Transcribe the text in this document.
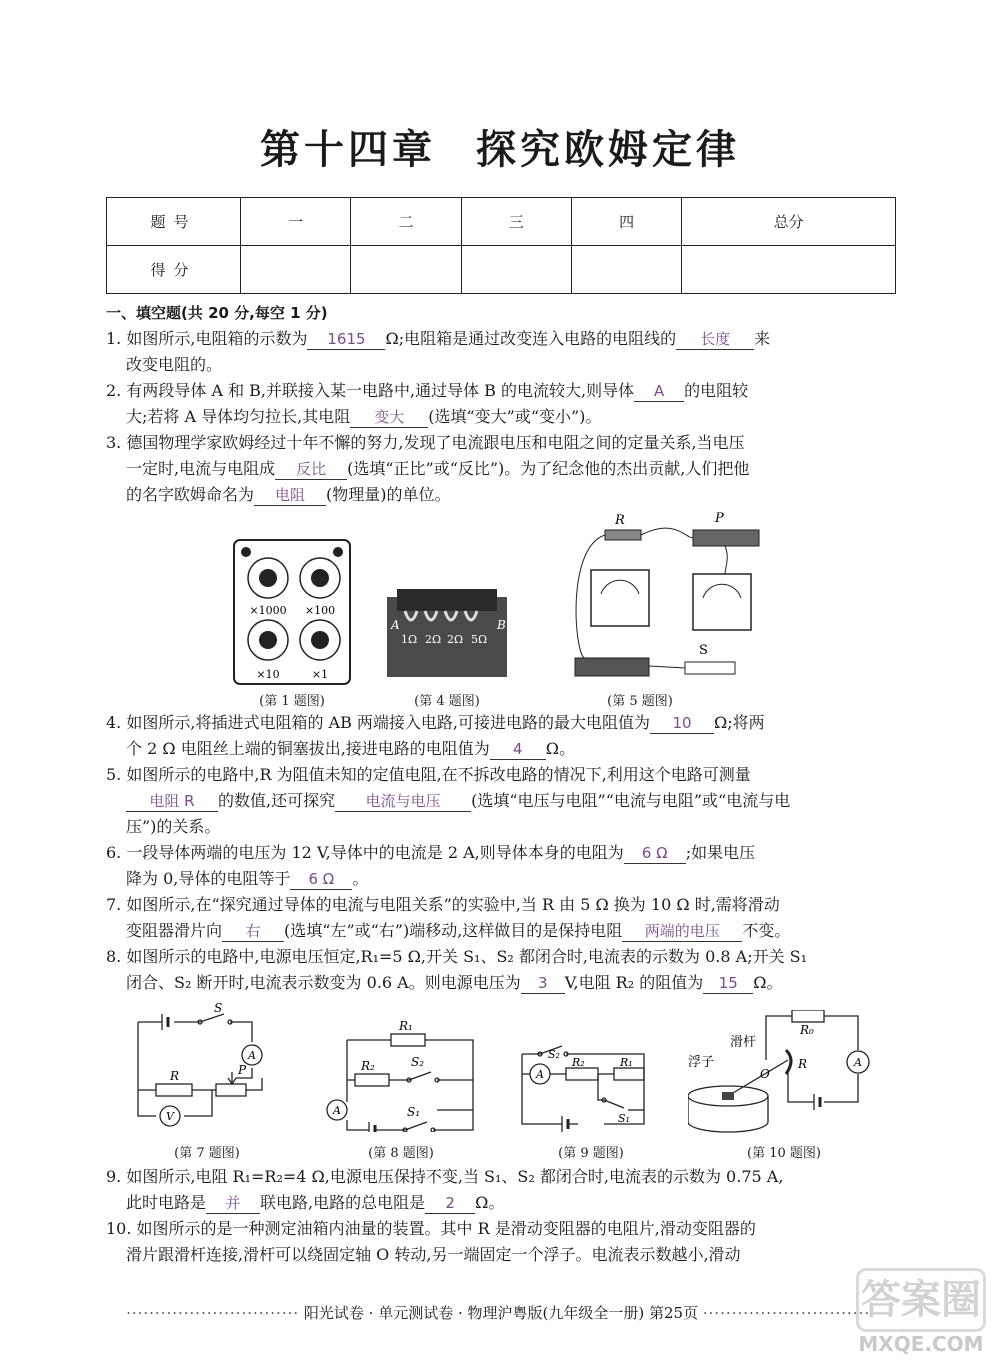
第十四章 探究欧姆定律
题号	一	二	三	四	总分
得分					
一、填空题(共 20 分,每空 1 分)
1. 如图所示,电阻箱的示数为 1615 Ω;电阻箱是通过改变连入电路的电阻线的 长度 来
改变电阻的。
2. 有两段导体 A 和 B,并联接入某一电路中,通过导体 B 的电流较大,则导体 A 的电阻较
大;若将 A 导体均匀拉长,其电阻 变大 (选填“变大”或“变小”)。
3. 德国物理学家欧姆经过十年不懈的努力,发现了电流跟电压和电阻之间的定量关系,当电压
一定时,电流与电阻成 反比 (选填“正比”或“反比”)。为了纪念他的杰出贡献,人们把他
的名字欧姆命名为 电阻 (物理量)的单位。
×1000 ×100
×10	×1
(第 1 题图)
A	B
1Ω 2Ω 2Ω 5Ω
(第 4 题图)
R	P
S
(第 5 题图)
4. 如图所示,将插进式电阻箱的 AB 两端接入电路,可接进电路的最大电阻值为 10 Ω;将两
个 2 Ω 电阻丝上端的铜塞拔出,接进电路的电阻值为 4 Ω。
5. 如图所示的电路中,R 为阻值未知的定值电阻,在不拆改电路的情况下,利用这个电路可测量
电阻 R 的数值,还可探究 电流与电压 (选填“电压与电阻”“电流与电阻”或“电流与电
压”)的关系。
6. 一段导体两端的电压为 12 V,导体中的电流是 2 A,则导体本身的电阻为 6 Ω ;如果电压
降为 0,导体的电阻等于 6 Ω 。
7. 如图所示,在“探究通过导体的电流与电阻关系”的实验中,当 R 由 5 Ω 换为 10 Ω 时,需将滑动
变阻器滑片向 右 (选填“左”或“右”)端移动,这样做目的是保持电阻 两端的电压 不变。
8. 如图所示的电路中,电源电压恒定,R₁=5 Ω,开关 S₁、S₂ 都闭合时,电流表的示数为 0.8 A;开关 S₁
闭合、S₂ 断开时,电流表示数变为 0.6 A。则电源电压为 3 V,电阻 R₂ 的阻值为 15 Ω。
S
A
R	P
V
(第 7 题图)
R₁
R₂	S₂
S₁
A
(第 8 题图)
S₂
A
R₂	R₁
S₁
(第 9 题图)
浮子
滑杆
O
R
R₀
A
(第 10 题图)
9. 如图所示,电阻 R₁=R₂=4 Ω,电源电压保持不变,当 S₁、S₂ 都闭合时,电流表的示数为 0.75 A,
此时电路是 并 联电路,电路的总电阻是 2 Ω。
10. 如图所示的是一种测定油箱内油量的装置。其中 R 是滑动变阻器的电阻片,滑动变阻器的
滑片跟滑杆连接,滑杆可以绕固定轴 O 转动,另一端固定一个浮子。电流表示数越小,滑动
······························ 阳光试卷 · 单元测试卷 · 物理沪粤版(九年级全一册) 第25页 ······························
答案圈
MXQE.COM
